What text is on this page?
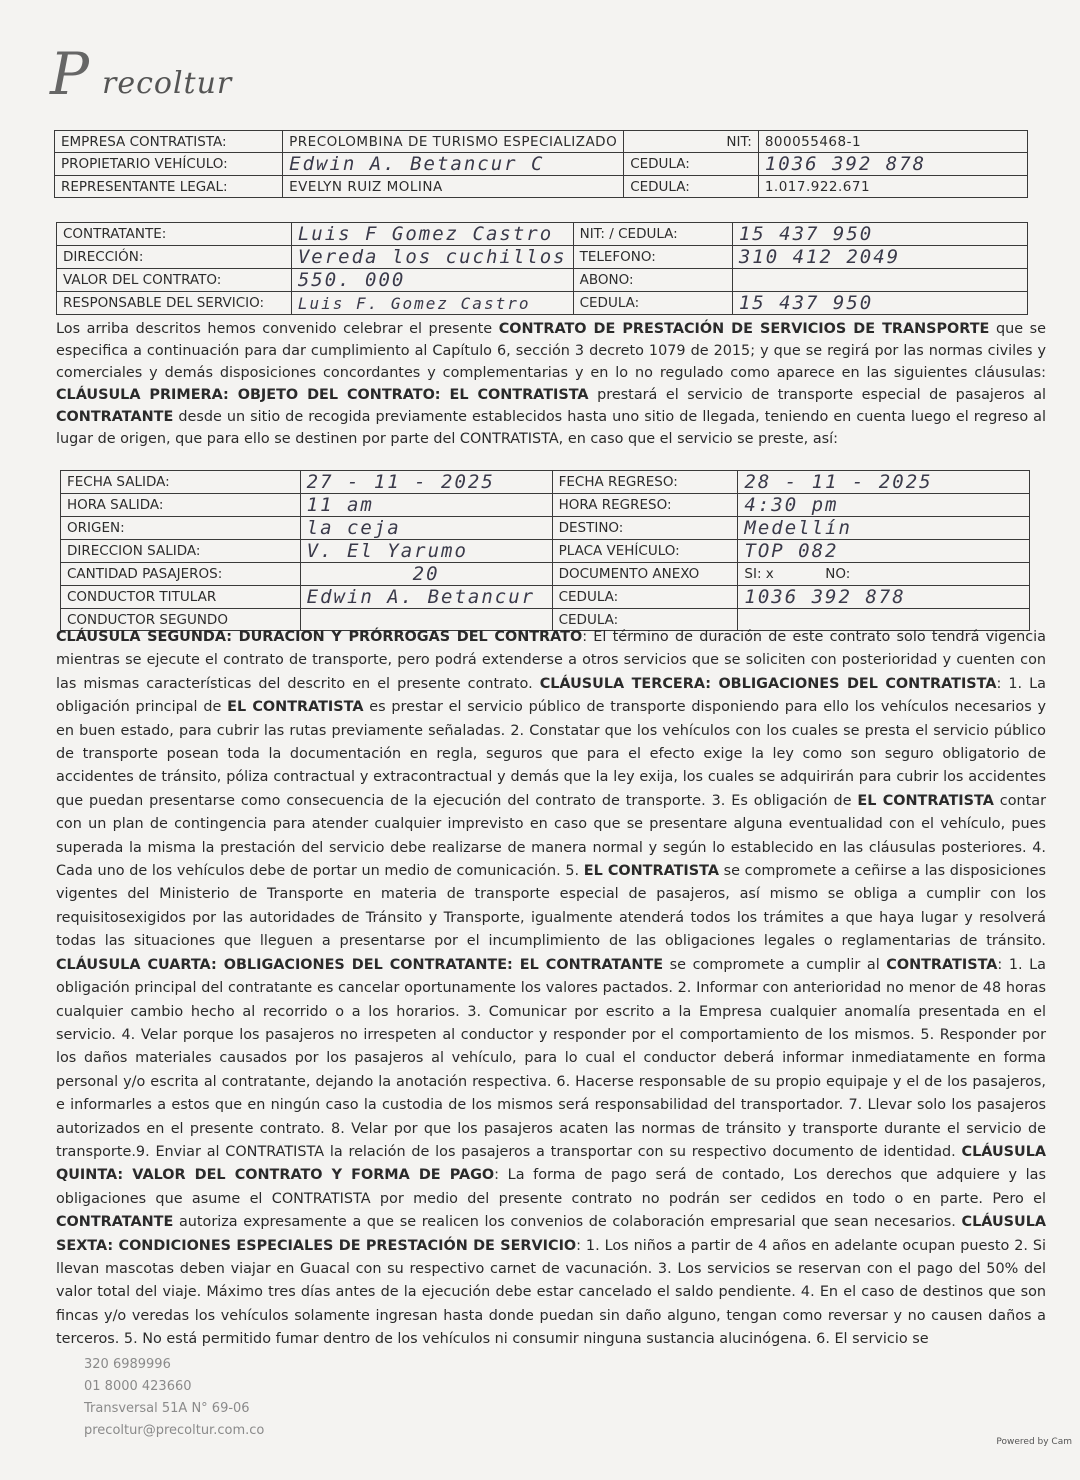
P recoltur
EMPRESA CONTRATISTA:	PRECOLOMBINA DE TURISMO ESPECIALIZADO	NIT:	800055468-1
PROPIETARIO VEHÍCULO:	Edwin A. Betancur C	CEDULA:	1036 392 878
REPRESENTANTE LEGAL:	EVELYN RUIZ MOLINA	CEDULA:	1.017.922.671
CONTRATANTE:	Luis F Gomez Castro	NIT: / CEDULA:	15 437 950
DIRECCIÓN:	Vereda los cuchillos	TELEFONO:	310 412 2049
VALOR DEL CONTRATO:	550. 000	ABONO:	
RESPONSABLE DEL SERVICIO:	Luis F. Gomez Castro	CEDULA:	15 437 950
Los arriba descritos hemos convenido celebrar el presente CONTRATO DE PRESTACIÓN DE SERVICIOS DE TRANSPORTE que se especifica a continuación para dar cumplimiento al Capítulo 6, sección 3 decreto 1079 de 2015; y que se regirá por las normas civiles y comerciales y demás disposiciones concordantes y complementarias y en lo no regulado como aparece en las siguientes cláusulas: CLÁUSULA PRIMERA: OBJETO DEL CONTRATO: EL CONTRATISTA prestará el servicio de transporte especial de pasajeros al CONTRATANTE desde un sitio de recogida previamente establecidos hasta uno sitio de llegada, teniendo en cuenta luego el regreso al lugar de origen, que para ello se destinen por parte del CONTRATISTA, en caso que el servicio se preste, así:
FECHA SALIDA:	27 - 11 - 2025	FECHA REGRESO:	28 - 11 - 2025
HORA SALIDA:	11 am	HORA REGRESO:	4:30 pm
ORIGEN:	la ceja	DESTINO:	Medellín
DIRECCION SALIDA:	V. El Yarumo	PLACA VEHÍCULO:	TOP 082
CANTIDAD PASAJEROS:	20	DOCUMENTO ANEXO	SI: x            NO:
CONDUCTOR TITULAR	Edwin A. Betancur	CEDULA:	1036 392 878
CONDUCTOR SEGUNDO		CEDULA:	
CLÁUSULA SEGUNDA: DURACION Y PRÓRROGAS DEL CONTRATO: El término de duración de este contrato solo tendrá vigencia mientras se ejecute el contrato de transporte, pero podrá extenderse a otros servicios que se soliciten con posterioridad y cuenten con las mismas características del descrito en el presente contrato. CLÁUSULA TERCERA: OBLIGACIONES DEL CONTRATISTA: 1. La obligación principal de EL CONTRATISTA es prestar el servicio público de transporte disponiendo para ello los vehículos necesarios y en buen estado, para cubrir las rutas previamente señaladas. 2. Constatar que los vehículos con los cuales se presta el servicio público de transporte posean toda la documentación en regla, seguros que para el efecto exige la ley como son seguro obligatorio de accidentes de tránsito, póliza contractual y extracontractual y demás que la ley exija, los cuales se adquirirán para cubrir los accidentes que puedan presentarse como consecuencia de la ejecución del contrato de transporte. 3. Es obligación de EL CONTRATISTA contar con un plan de contingencia para atender cualquier imprevisto en caso que se presentare alguna eventualidad con el vehículo, pues superada la misma la prestación del servicio debe realizarse de manera normal y según lo establecido en las cláusulas posteriores. 4. Cada uno de los vehículos debe de portar un medio de comunicación. 5. EL CONTRATISTA se compromete a ceñirse a las disposiciones vigentes del Ministerio de Transporte en materia de transporte especial de pasajeros, así mismo se obliga a cumplir con los requisitosexigidos por las autoridades de Tránsito y Transporte, igualmente atenderá todos los trámites a que haya lugar y resolverá todas las situaciones que lleguen a presentarse por el incumplimiento de las obligaciones legales o reglamentarias de tránsito. CLÁUSULA CUARTA: OBLIGACIONES DEL CONTRATANTE: EL CONTRATANTE se compromete a cumplir al CONTRATISTA: 1. La obligación principal del contratante es cancelar oportunamente los valores pactados. 2. Informar con anterioridad no menor de 48 horas cualquier cambio hecho al recorrido o a los horarios. 3. Comunicar por escrito a la Empresa cualquier anomalía presentada en el servicio. 4. Velar porque los pasajeros no irrespeten al conductor y responder por el comportamiento de los mismos. 5. Responder por los daños materiales causados por los pasajeros al vehículo, para lo cual el conductor deberá informar inmediatamente en forma personal y/o escrita al contratante, dejando la anotación respectiva. 6. Hacerse responsable de su propio equipaje y el de los pasajeros, e informarles a estos que en ningún caso la custodia de los mismos será responsabilidad del transportador. 7. Llevar solo los pasajeros autorizados en el presente contrato. 8. Velar por que los pasajeros acaten las normas de tránsito y transporte durante el servicio de transporte.9. Enviar al CONTRATISTA la relación de los pasajeros a transportar con su respectivo documento de identidad. CLÁUSULA QUINTA: VALOR DEL CONTRATO Y FORMA DE PAGO: La forma de pago será de contado, Los derechos que adquiere y las obligaciones que asume el CONTRATISTA por medio del presente contrato no podrán ser cedidos en todo o en parte. Pero el CONTRATANTE autoriza expresamente a que se realicen los convenios de colaboración empresarial que sean necesarios. CLÁUSULA SEXTA: CONDICIONES ESPECIALES DE PRESTACIÓN DE SERVICIO: 1. Los niños a partir de 4 años en adelante ocupan puesto 2. Si llevan mascotas deben viajar en Guacal con su respectivo carnet de vacunación. 3. Los servicios se reservan con el pago del 50% del valor total del viaje. Máximo tres días antes de la ejecución debe estar cancelado el saldo pendiente. 4. En el caso de destinos que son fincas y/o veredas los vehículos solamente ingresan hasta donde puedan sin daño alguno, tengan como reversar y no causen daños a terceros. 5. No está permitido fumar dentro de los vehículos ni consumir ninguna sustancia alucinógena. 6. El servicio se
320 6989996
01 8000 423660
Transversal 51A N° 69-06
precoltur@precoltur.com.co
Powered by Cam
